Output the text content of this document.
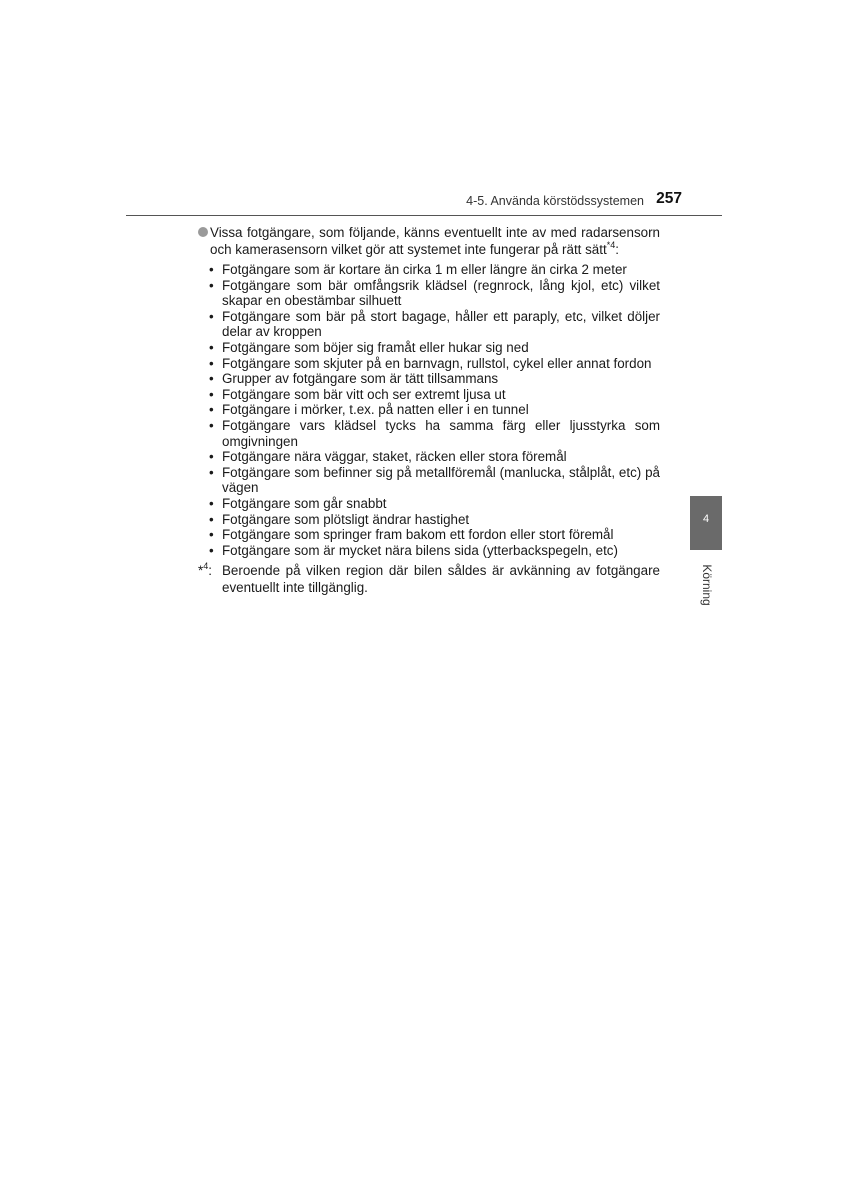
4-5. Använda körstödssystemen 257

Vissa fotgängare, som följande, känns eventuellt inte av med radarsensorn och kamerasensorn vilket gör att systemet inte fungerar på rätt sätt$^{*4}$:

• Fotgängare som är kortare än cirka 1 m eller längre än cirka 2 meter
• Fotgängare som bär omfångsrik klädsel (regnrock, lång kjol, etc) vilket skapar en obestämbar silhuett
• Fotgängare som bär på stort bagage, håller ett paraply, etc, vilket döljer delar av kroppen
• Fotgängare som böjer sig framåt eller hukar sig ned
• Fotgängare som skjuter på en barnvagn, rullstol, cykel eller annat fordon
• Grupper av fotgängare som är tätt tillsammans
• Fotgängare som bär vitt och ser extremt ljusa ut
• Fotgängare i mörker, t.ex. på natten eller i en tunnel
• Fotgängare vars klädsel tycks ha samma färg eller ljusstyrka som omgivningen
• Fotgängare nära väggar, staket, räcken eller stora föremål
• Fotgängare som befinner sig på metallföremål (manlucka, stålplåt, etc) på vägen
• Fotgängare som går snabbt
• Fotgängare som plötsligt ändrar hastighet
• Fotgängare som springer fram bakom ett fordon eller stort föremål
• Fotgängare som är mycket nära bilens sida (ytterbackspegeln, etc)

*$^4$: Beroende på vilken region där bilen såldes är avkänning av fotgängare eventuellt inte tillgänglig.

4
Körning
